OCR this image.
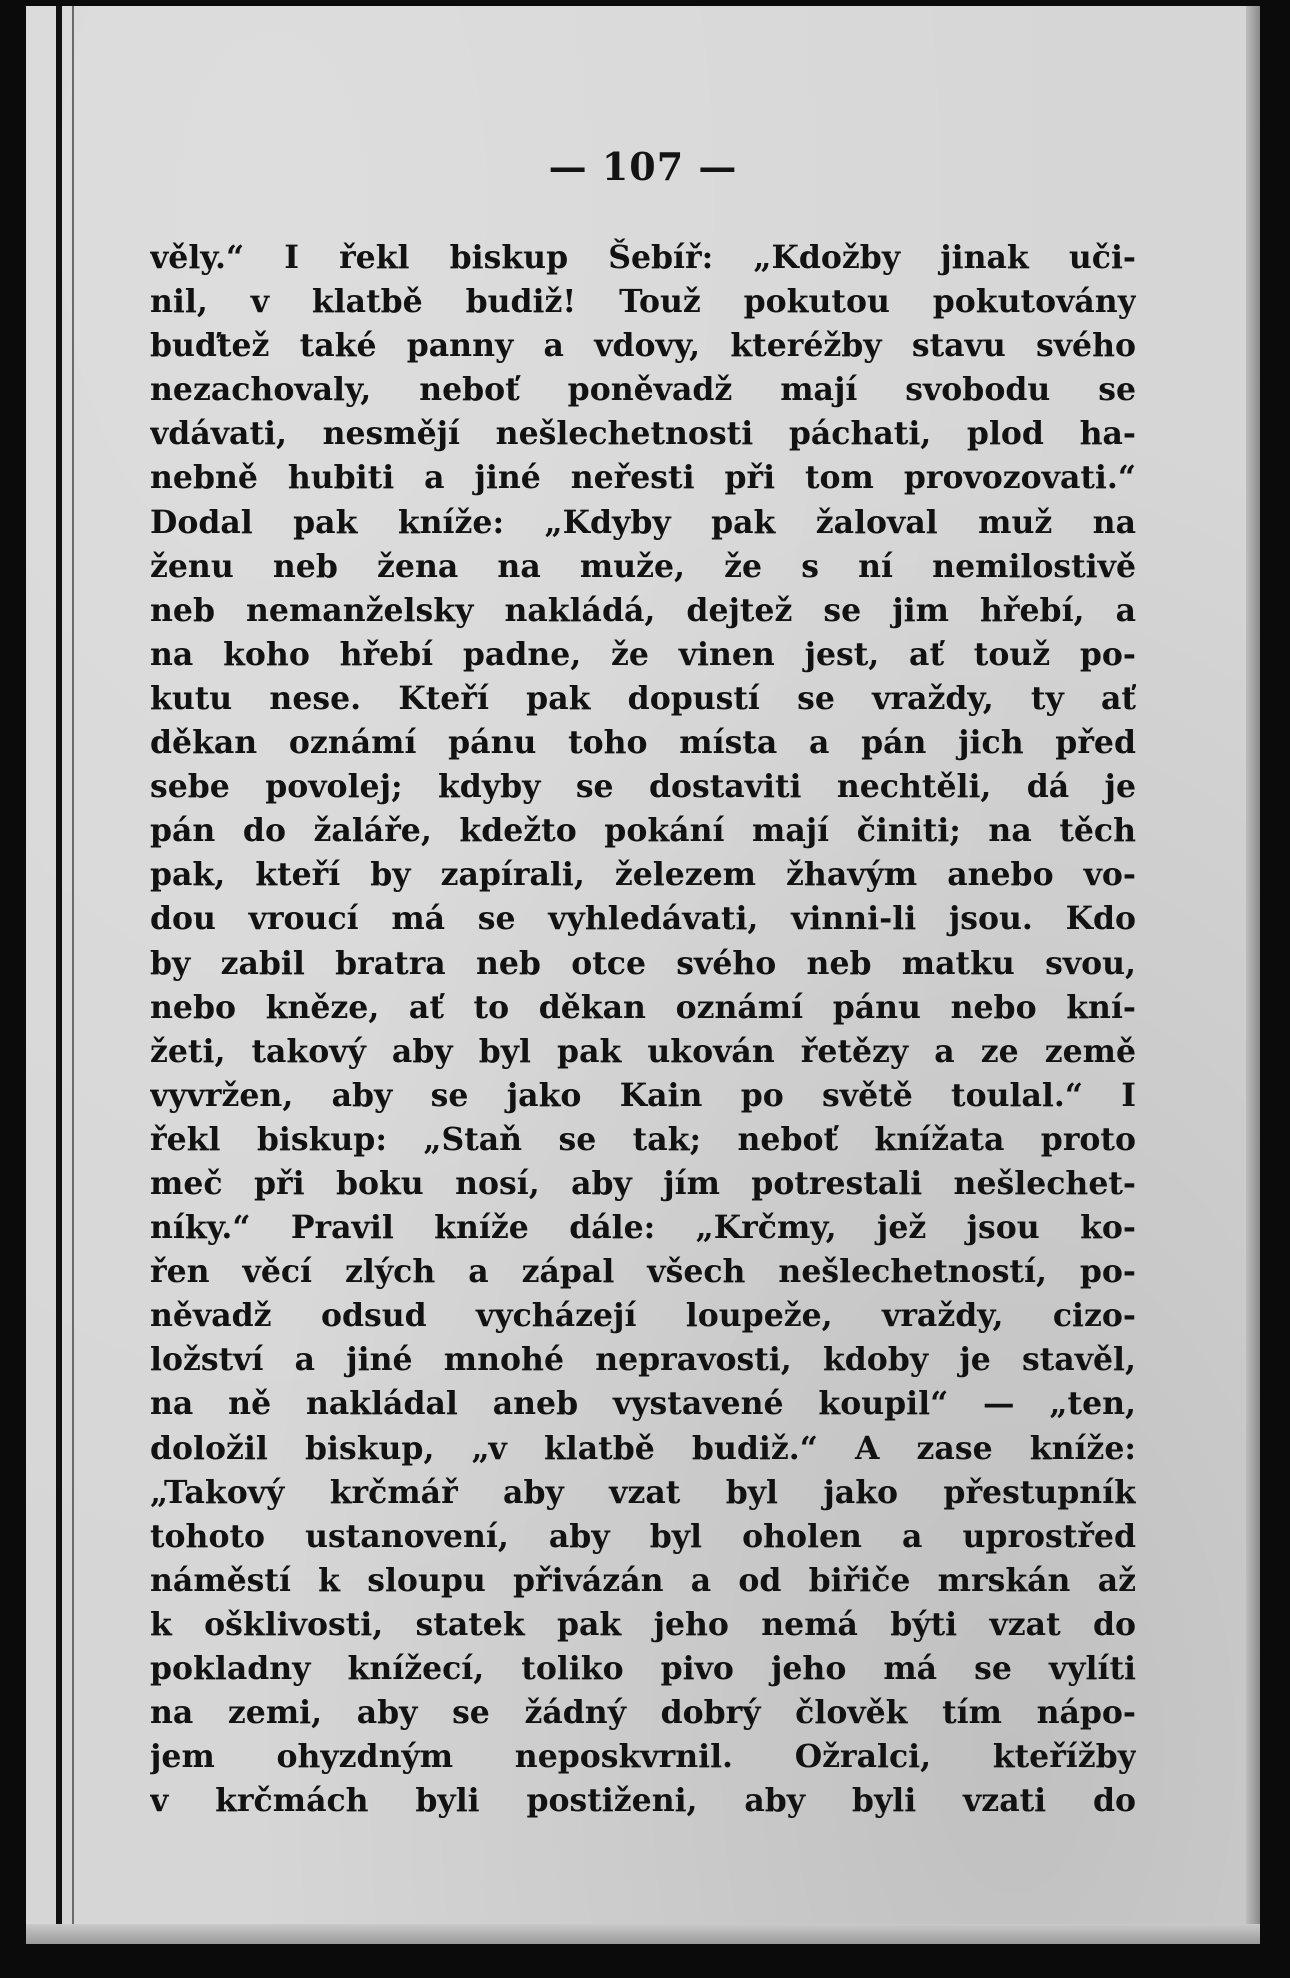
— 107 —
věly.“ I řekl biskup Šebíř: „Kdožby jinak uči-
nil, v klatbě budiž! Touž pokutou pokutovány
buďtež také panny a vdovy, kteréžby stavu svého
nezachovaly, neboť poněvadž mají svobodu se
vdávati, nesmějí nešlechetnosti páchati, plod ha-
nebně hubiti a jiné neřesti při tom provozovati.“
Dodal pak kníže: „Kdyby pak žaloval muž na
ženu neb žena na muže, že s ní nemilostivě
neb nemanželsky nakládá, dejtež se jim hřebí, a
na koho hřebí padne, že vinen jest, ať touž po-
kutu nese. Kteří pak dopustí se vraždy, ty ať
děkan oznámí pánu toho místa a pán jich před
sebe povolej; kdyby se dostaviti nechtěli, dá je
pán do žaláře, kdežto pokání mají činiti; na těch
pak, kteří by zapírali, železem žhavým anebo vo-
dou vroucí má se vyhledávati, vinni-li jsou. Kdo
by zabil bratra neb otce svého neb matku svou,
nebo kněze, ať to děkan oznámí pánu nebo kní-
žeti, takový aby byl pak ukován řetězy a ze země
vyvržen, aby se jako Kain po světě toulal.“ I
řekl biskup: „Staň se tak; neboť knížata proto
meč při boku nosí, aby jím potrestali nešlechet-
níky.“ Pravil kníže dále: „Krčmy, jež jsou ko-
řen věcí zlých a zápal všech nešlechetností, po-
něvadž odsud vycházejí loupeže, vraždy, cizo-
ložství a jiné mnohé nepravosti, kdoby je stavěl,
na ně nakládal aneb vystavené koupil“ — „ten,
doložil biskup, „v klatbě budiž.“ A zase kníže:
„Takový krčmář aby vzat byl jako přestupník
tohoto ustanovení, aby byl oholen a uprostřed
náměstí k sloupu přivázán a od biřiče mrskán až
k ošklivosti, statek pak jeho nemá býti vzat do
pokladny knížecí, toliko pivo jeho má se vylíti
na zemi, aby se žádný dobrý člověk tím nápo-
jem ohyzdným neposkvrnil. Ožralci, kteřížby
v krčmách byli postiženi, aby byli vzati do
